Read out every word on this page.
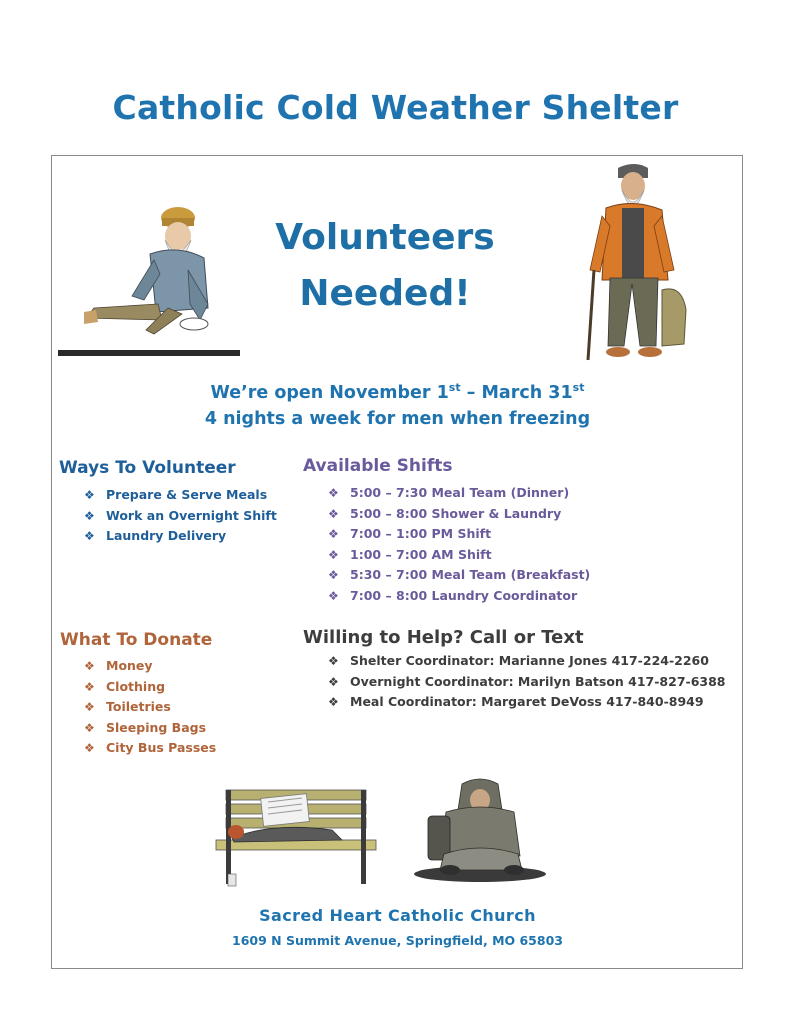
Catholic Cold Weather Shelter
Volunteers
Needed!
We’re open November 1st – March 31st
4 nights a week for men when freezing
Ways To Volunteer
❖ Prepare & Serve Meals
❖ Work an Overnight Shift
❖ Laundry Delivery
Available Shifts
❖ 5:00 – 7:30 Meal Team (Dinner)
❖ 5:00 – 8:00 Shower & Laundry
❖ 7:00 – 1:00 PM Shift
❖ 1:00 – 7:00 AM Shift
❖ 5:30 – 7:00 Meal Team (Breakfast)
❖ 7:00 – 8:00 Laundry Coordinator
What To Donate
❖ Money
❖ Clothing
❖ Toiletries
❖ Sleeping Bags
❖ City Bus Passes
Willing to Help? Call or Text
❖ Shelter Coordinator: Marianne Jones 417-224-2260
❖ Overnight Coordinator: Marilyn Batson 417-827-6388
❖ Meal Coordinator: Margaret DeVoss 417-840-8949
Sacred Heart Catholic Church
1609 N Summit Avenue, Springfield, MO 65803
